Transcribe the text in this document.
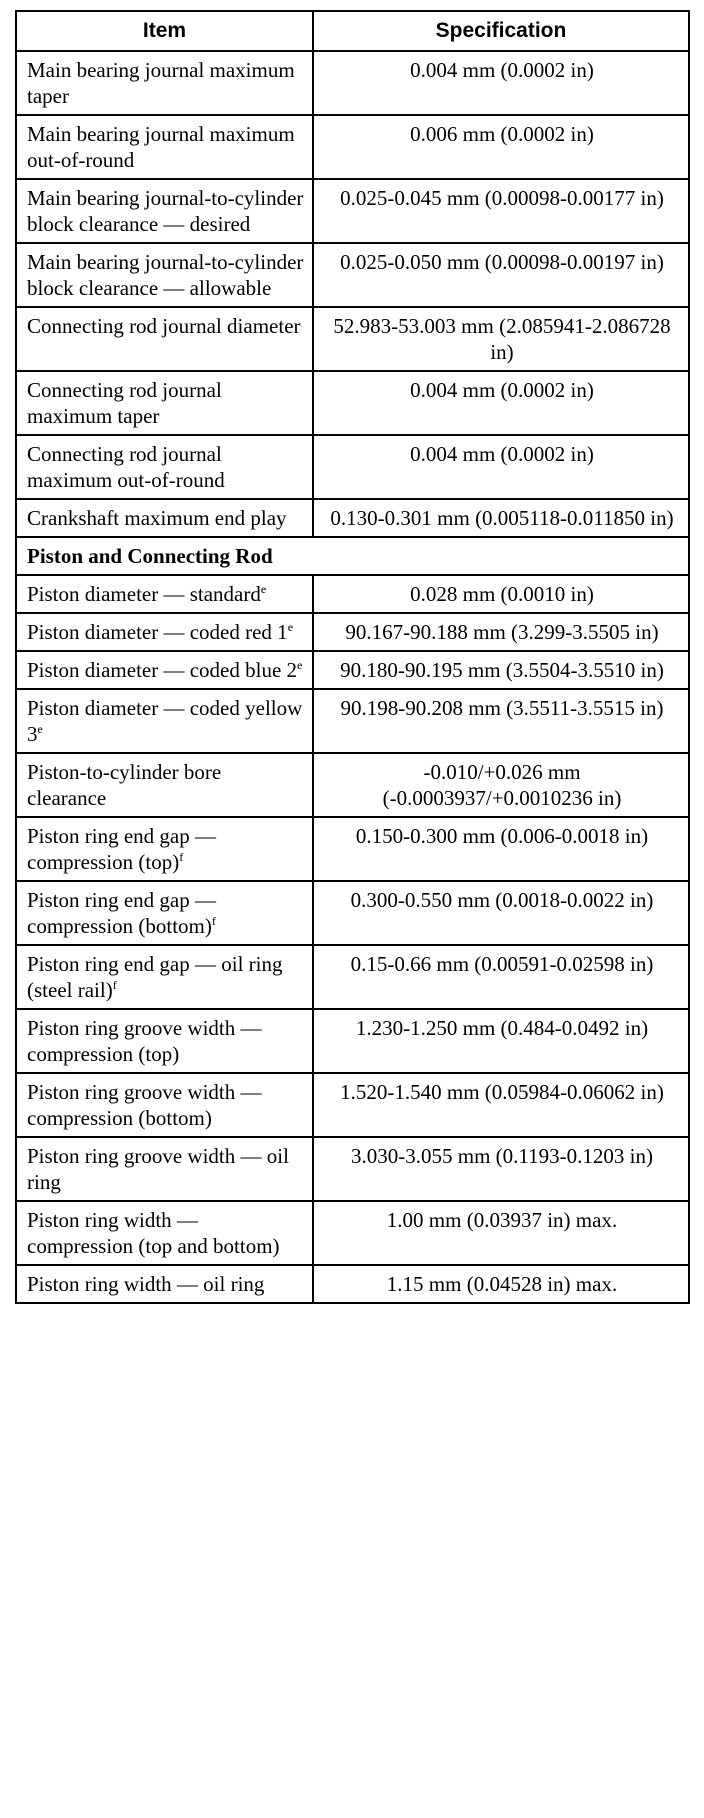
Item	Specification
Main bearing journal maximum taper	0.004 mm (0.0002 in)
Main bearing journal maximum out-of-round	0.006 mm (0.0002 in)
Main bearing journal-to-cylinder block clearance — desired	0.025-0.045 mm (0.00098-0.00177 in)
Main bearing journal-to-cylinder block clearance — allowable	0.025-0.050 mm (0.00098-0.00197 in)
Connecting rod journal diameter	52.983-53.003 mm (2.085941-2.086728 in)
Connecting rod journal maximum taper	0.004 mm (0.0002 in)
Connecting rod journal maximum out-of-round	0.004 mm (0.0002 in)
Crankshaft maximum end play	0.130-0.301 mm (0.005118-0.011850 in)
Piston and Connecting Rod	
Piston diameter — standard$^e$	0.028 mm (0.0010 in)
Piston diameter — coded red 1e	90.167-90.188 mm (3.299-3.5505 in)
Piston diameter — coded blue 2e	90.180-90.195 mm (3.5504-3.5510 in)
Piston diameter — coded yellow 3e	90.198-90.208 mm (3.5511-3.5515 in)
Piston-to-cylinder bore clearance	-0.010/+0.026 mm (-0.0003937/+0.0010236 in)
Piston ring end gap — compression (top)$^f$	0.150-0.300 mm (0.006-0.0018 in)
Piston ring end gap — compression (bottom)$^f$	0.300-0.550 mm (0.0018-0.0022 in)
Piston ring end gap — oil ring (steel rail)$^f$	0.15-0.66 mm (0.00591-0.02598 in)
Piston ring groove width — compression (top)	1.230-1.250 mm (0.484-0.0492 in)
Piston ring groove width — compression (bottom)	1.520-1.540 mm (0.05984-0.06062 in)
Piston ring groove width — oil ring	3.030-3.055 mm (0.1193-0.1203 in)
Piston ring width — compression (top and bottom)	1.00 mm (0.03937 in) max.
Piston ring width — oil ring	1.15 mm (0.04528 in) max.
